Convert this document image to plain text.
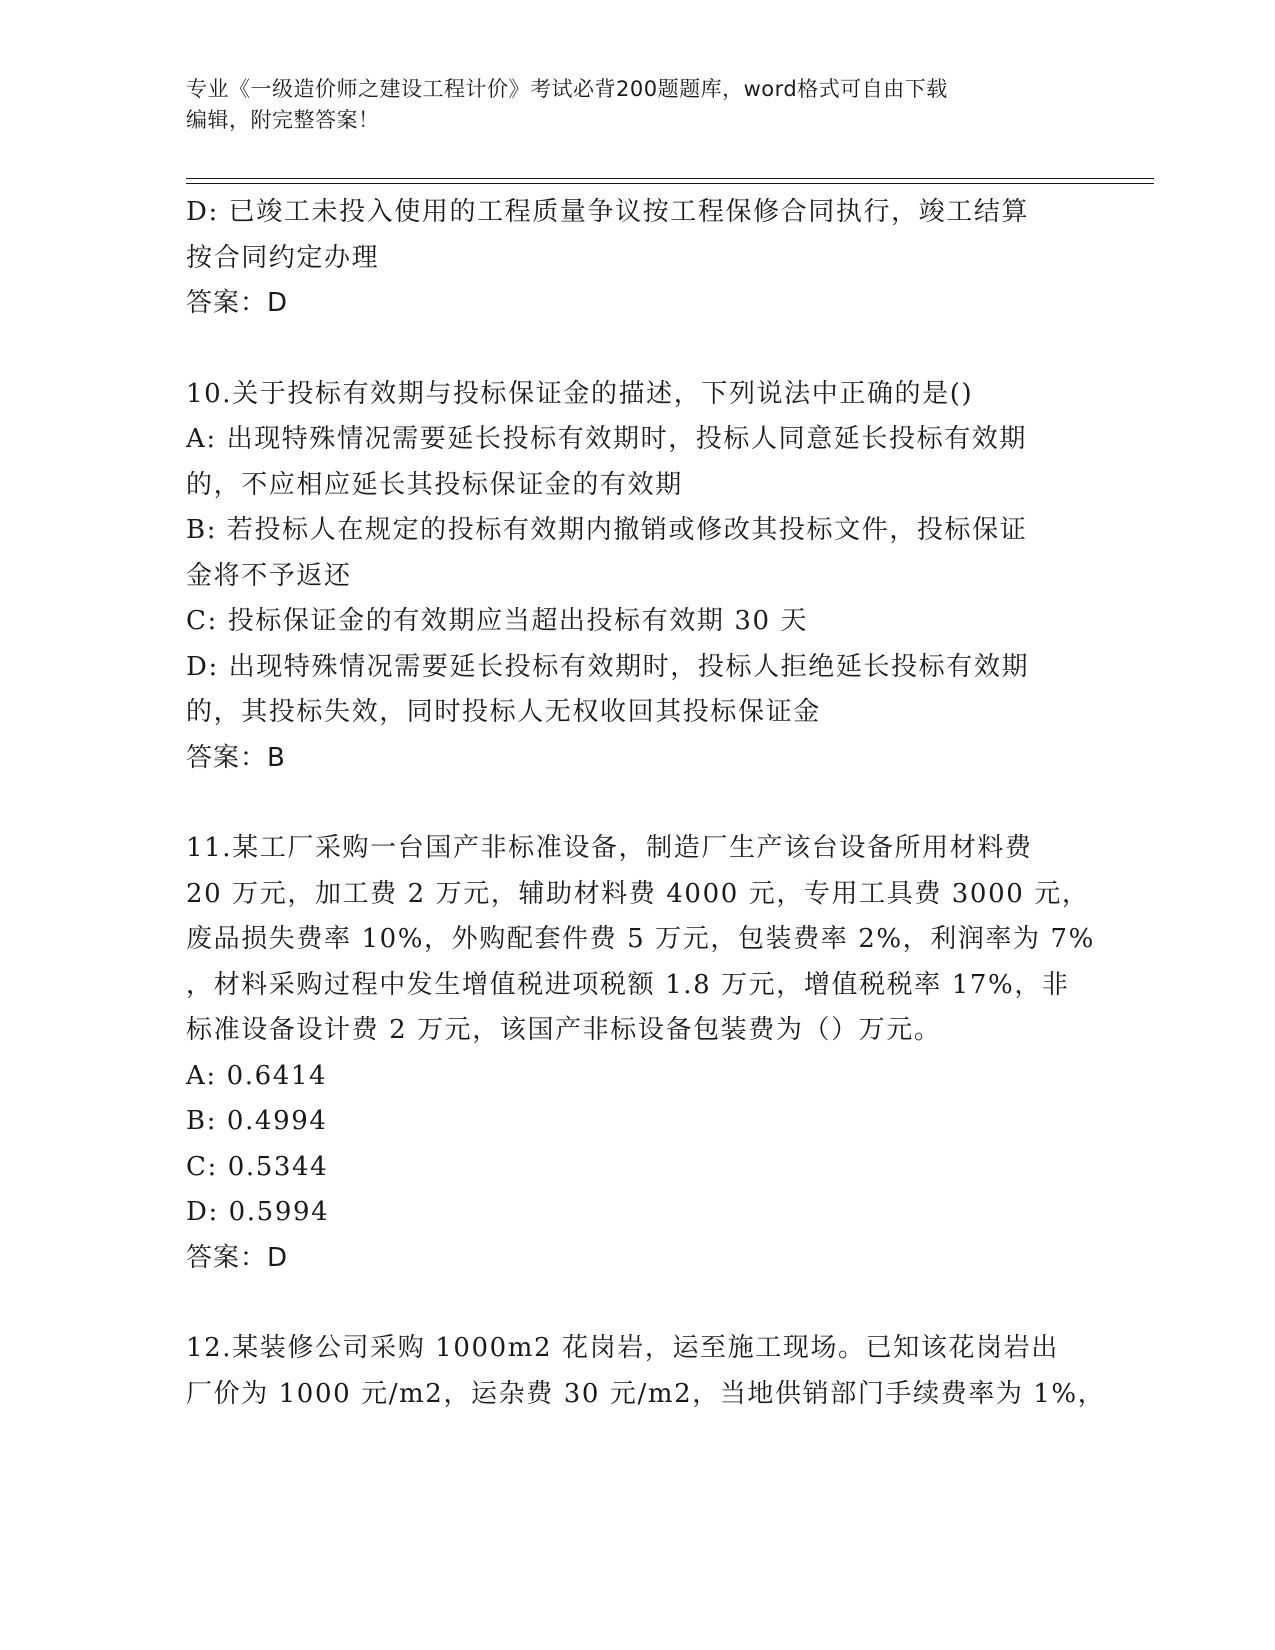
专业《一级造价师之建设工程计价》考试必背200题题库，word格式可自由下载
编辑，附完整答案！
D: 已竣工未投入使用的工程质量争议按工程保修合同执行，竣工结算
按合同约定办理
答案：D
10.关于投标有效期与投标保证金的描述，下列说法中正确的是()
A: 出现特殊情况需要延长投标有效期时，投标人同意延长投标有效期
的，不应相应延长其投标保证金的有效期
B: 若投标人在规定的投标有效期内撤销或修改其投标文件，投标保证
金将不予返还
C: 投标保证金的有效期应当超出投标有效期 30 天
D: 出现特殊情况需要延长投标有效期时，投标人拒绝延长投标有效期
的，其投标失效，同时投标人无权收回其投标保证金
答案：B
11.某工厂采购一台国产非标准设备，制造厂生产该台设备所用材料费
20 万元，加工费 2 万元，辅助材料费 4000 元，专用工具费 3000 元，
废品损失费率 10%，外购配套件费 5 万元，包装费率 2%，利润率为 7%
，材料采购过程中发生增值税进项税额 1.8 万元，增值税税率 17%，非
标准设备设计费 2 万元，该国产非标设备包装费为（）万元。
A: 0.6414
B: 0.4994
C: 0.5344
D: 0.5994
答案：D
12.某装修公司采购 1000m2 花岗岩，运至施工现场。已知该花岗岩出
厂价为 1000 元/m2，运杂费 30 元/m2，当地供销部门手续费率为 1%，
